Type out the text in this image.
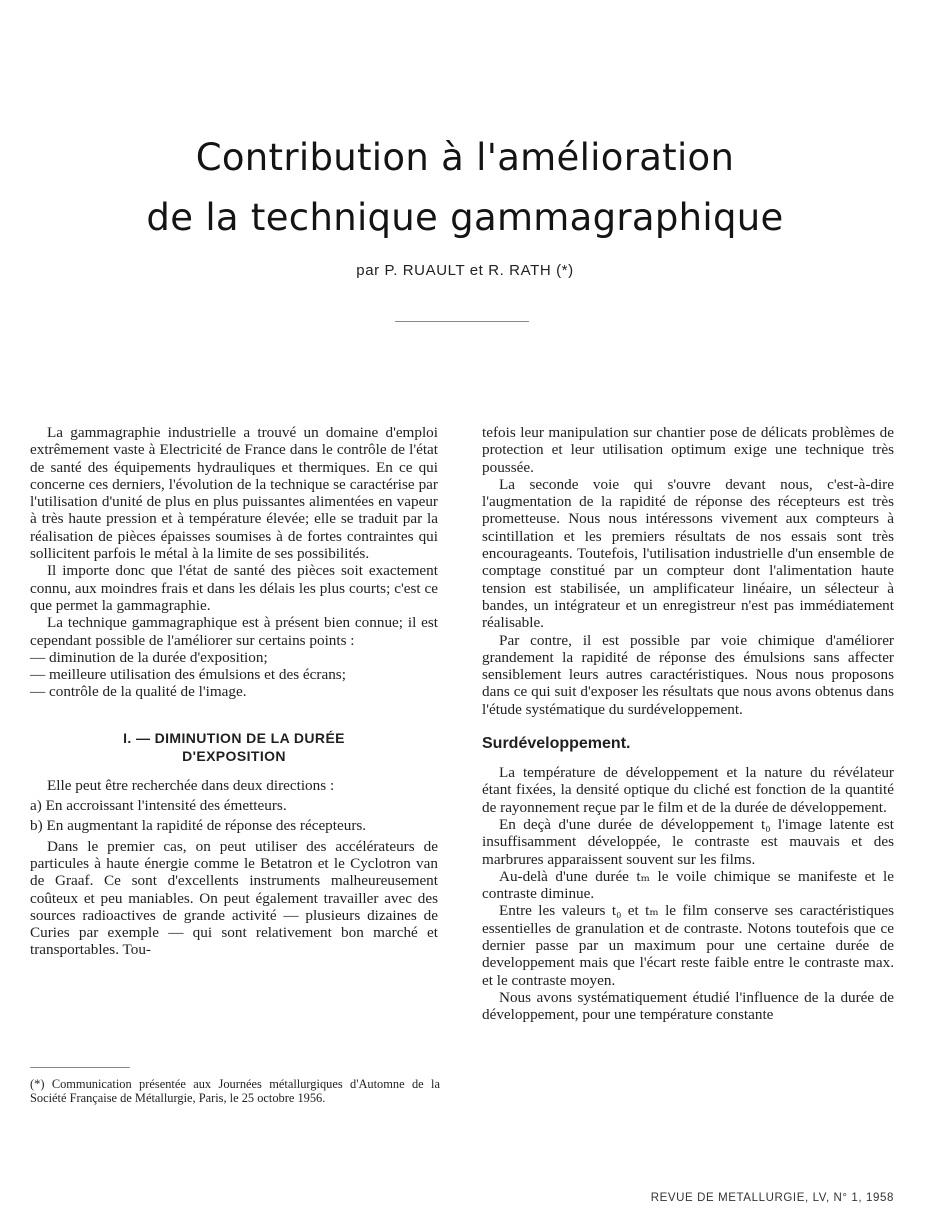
Contribution à l'amélioration
de la technique gammagraphique
par P. RUAULT et R. RATH (*)

La gammagraphie industrielle a trouvé un domaine d'emploi extrêmement vaste à Electricité de France dans le contrôle de l'état de santé des équipements hydrauliques et thermiques. En ce qui concerne ces derniers, l'évolution de la technique se caractérise par l'utilisation d'unité de plus en plus puissantes alimentées en vapeur à très haute pression et à température élevée; elle se traduit par la réalisation de pièces épaisses soumises à de fortes contraintes qui sollicitent parfois le métal à la limite de ses possibilités.

Il importe donc que l'état de santé des pièces soit exactement connu, aux moindres frais et dans les délais les plus courts; c'est ce que permet la gammagraphie.

La technique gammagraphique est à présent bien connue; il est cependant possible de l'améliorer sur certains points :

— diminution de la durée d'exposition;

— meilleure utilisation des émulsions et des écrans;

— contrôle de la qualité de l'image.

I. — DIMINUTION DE LA DURÉE
D'EXPOSITION

Elle peut être recherchée dans deux directions :

a) En accroissant l'intensité des émetteurs.

b) En augmentant la rapidité de réponse des récepteurs.

Dans le premier cas, on peut utiliser des accélérateurs de particules à haute énergie comme le Betatron et le Cyclotron van de Graaf. Ce sont d'excellents instruments malheureusement coûteux et peu maniables. On peut également travailler avec des sources radioactives de grande activité — plusieurs dizaines de Curies par exemple — qui sont relativement bon marché et transportables. Tou-

(*) Communication présentée aux Journées métallurgiques d'Automne de la Société Française de Métallurgie, Paris, le 25 octobre 1956.

tefois leur manipulation sur chantier pose de délicats problèmes de protection et leur utilisation optimum exige une technique très poussée.

La seconde voie qui s'ouvre devant nous, c'est-à-dire l'augmentation de la rapidité de réponse des récepteurs est très prometteuse. Nous nous intéressons vivement aux compteurs à scintillation et les premiers résultats de nos essais sont très encourageants. Toutefois, l'utilisation industrielle d'un ensemble de comptage constitué par un compteur dont l'alimentation haute tension est stabilisée, un amplificateur linéaire, un sélecteur à bandes, un intégrateur et un enregistreur n'est pas immédiatement réalisable.

Par contre, il est possible par voie chimique d'améliorer grandement la rapidité de réponse des émulsions sans affecter sensiblement leurs autres caractéristiques. Nous nous proposons dans ce qui suit d'exposer les résultats que nous avons obtenus dans l'étude systématique du surdéveloppement.

Surdéveloppement.

La température de développement et la nature du révélateur étant fixées, la densité optique du cliché est fonction de la quantité de rayonnement reçue par le film et de la durée de développement.

En deçà d'une durée de développement t₀ l'image latente est insuffisamment développée, le contraste est mauvais et des marbrures apparaissent souvent sur les films.

Au-delà d'une durée tₘ le voile chimique se manifeste et le contraste diminue.

Entre les valeurs t₀ et tₘ le film conserve ses caractéristiques essentielles de granulation et de contraste. Notons toutefois que ce dernier passe par un maximum pour une certaine durée de developpement mais que l'écart reste faible entre le contraste max. et le contraste moyen.

Nous avons systématiquement étudié l'influence de la durée de développement, pour une température constante

REVUE DE METALLURGIE, LV, N° 1, 1958
